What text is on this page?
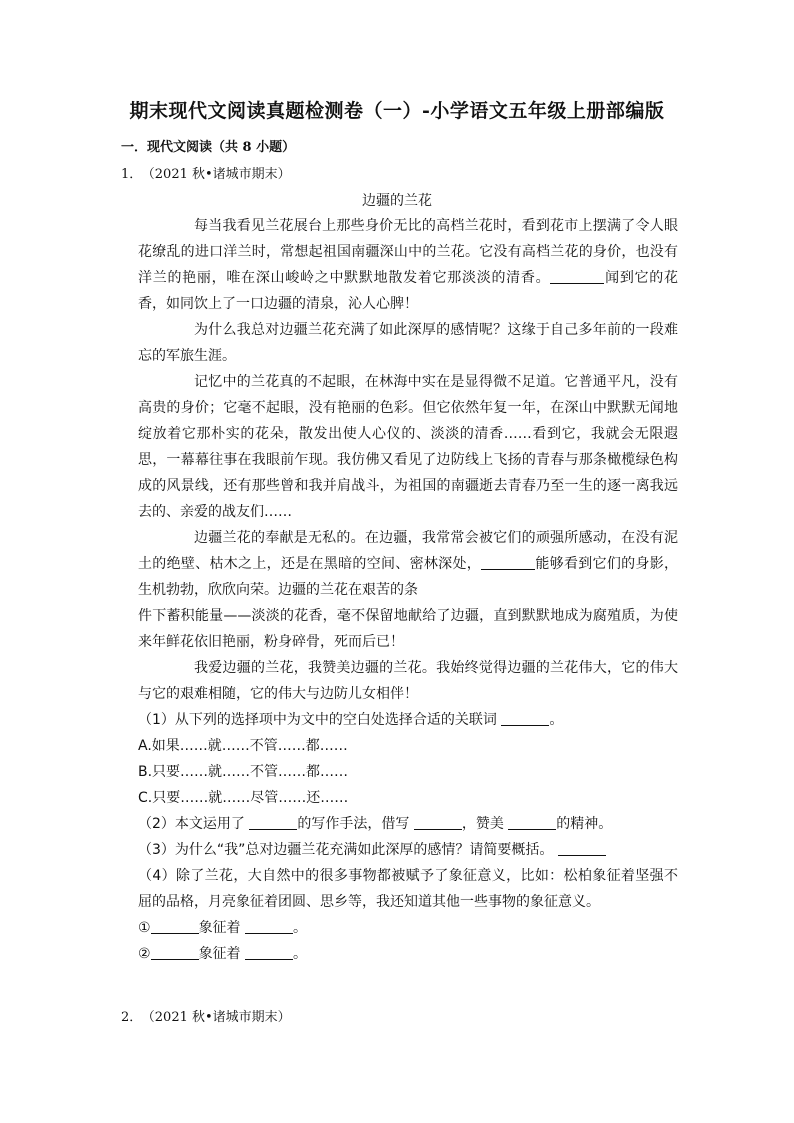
期末现代文阅读真题检测卷（一）-小学语文五年级上册部编版
一．现代文阅读（共 8 小题）
1． （2021 秋•诸城市期末）
边疆的兰花

每当我看见兰花展台上那些身价无比的高档兰花时，看到花市上摆满了令人眼花缭乱的进口洋兰时，常想起祖国南疆深山中的兰花。它没有高档兰花的身价，也没有洋兰的艳丽，唯在深山峻岭之中默默地散发着它那淡淡的清香。	闻到它的花香，如同饮上了一口边疆的清泉，沁人心脾！

为什么我总对边疆兰花充满了如此深厚的感情呢？这缘于自己多年前的一段难忘的军旅生涯。

记忆中的兰花真的不起眼，在林海中实在是显得微不足道。它普通平凡，没有高贵的身价；它毫不起眼，没有艳丽的色彩。但它依然年复一年，在深山中默默无闻地绽放着它那朴实的花朵，散发出使人心仪的、淡淡的清香……看到它，我就会无限遐思，一幕幕往事在我眼前乍现。我仿佛又看见了边防线上飞扬的青春与那条橄榄绿色构成的风景线，还有那些曾和我并肩战斗，为祖国的南疆逝去青春乃至一生的逐一离我远去的、亲爱的战友们……

边疆兰花的奉献是无私的。在边疆，我常常会被它们的顽强所感动，在没有泥土的绝壁、枯木之上，还是在黑暗的空间、密林深处，	能够看到它们的身影，生机勃勃，欣欣向荣。边疆的兰花在艰苦的条

件下蓄积能量——淡淡的花香，毫不保留地献给了边疆，直到默默地成为腐殖质，为使来年鲜花依旧艳丽，粉身碎骨，死而后已！

我爱边疆的兰花，我赞美边疆的兰花。我始终觉得边疆的兰花伟大，它的伟大与它的艰难相随，它的伟大与边防儿女相伴！

（1）从下列的选择项中为文中的空白处选择合适的关联词	。

A.如果……就……不管……都……

B.只要……就……不管……都……

C.只要……就……尽管……还……

（2）本文运用了	的写作手法，借写	，赞美	的精神。

（3）为什么“我”总对边疆兰花充满如此深厚的感情？请简要概括。

（4）除了兰花，大自然中的很多事物都被赋予了象征意义，比如：松柏象征着坚强不屈的品格，月亮象征着团圆、思乡等，我还知道其他一些事物的象征意义。

①	象征着	。

②	象征着	。

2． （2021 秋•诸城市期末）
